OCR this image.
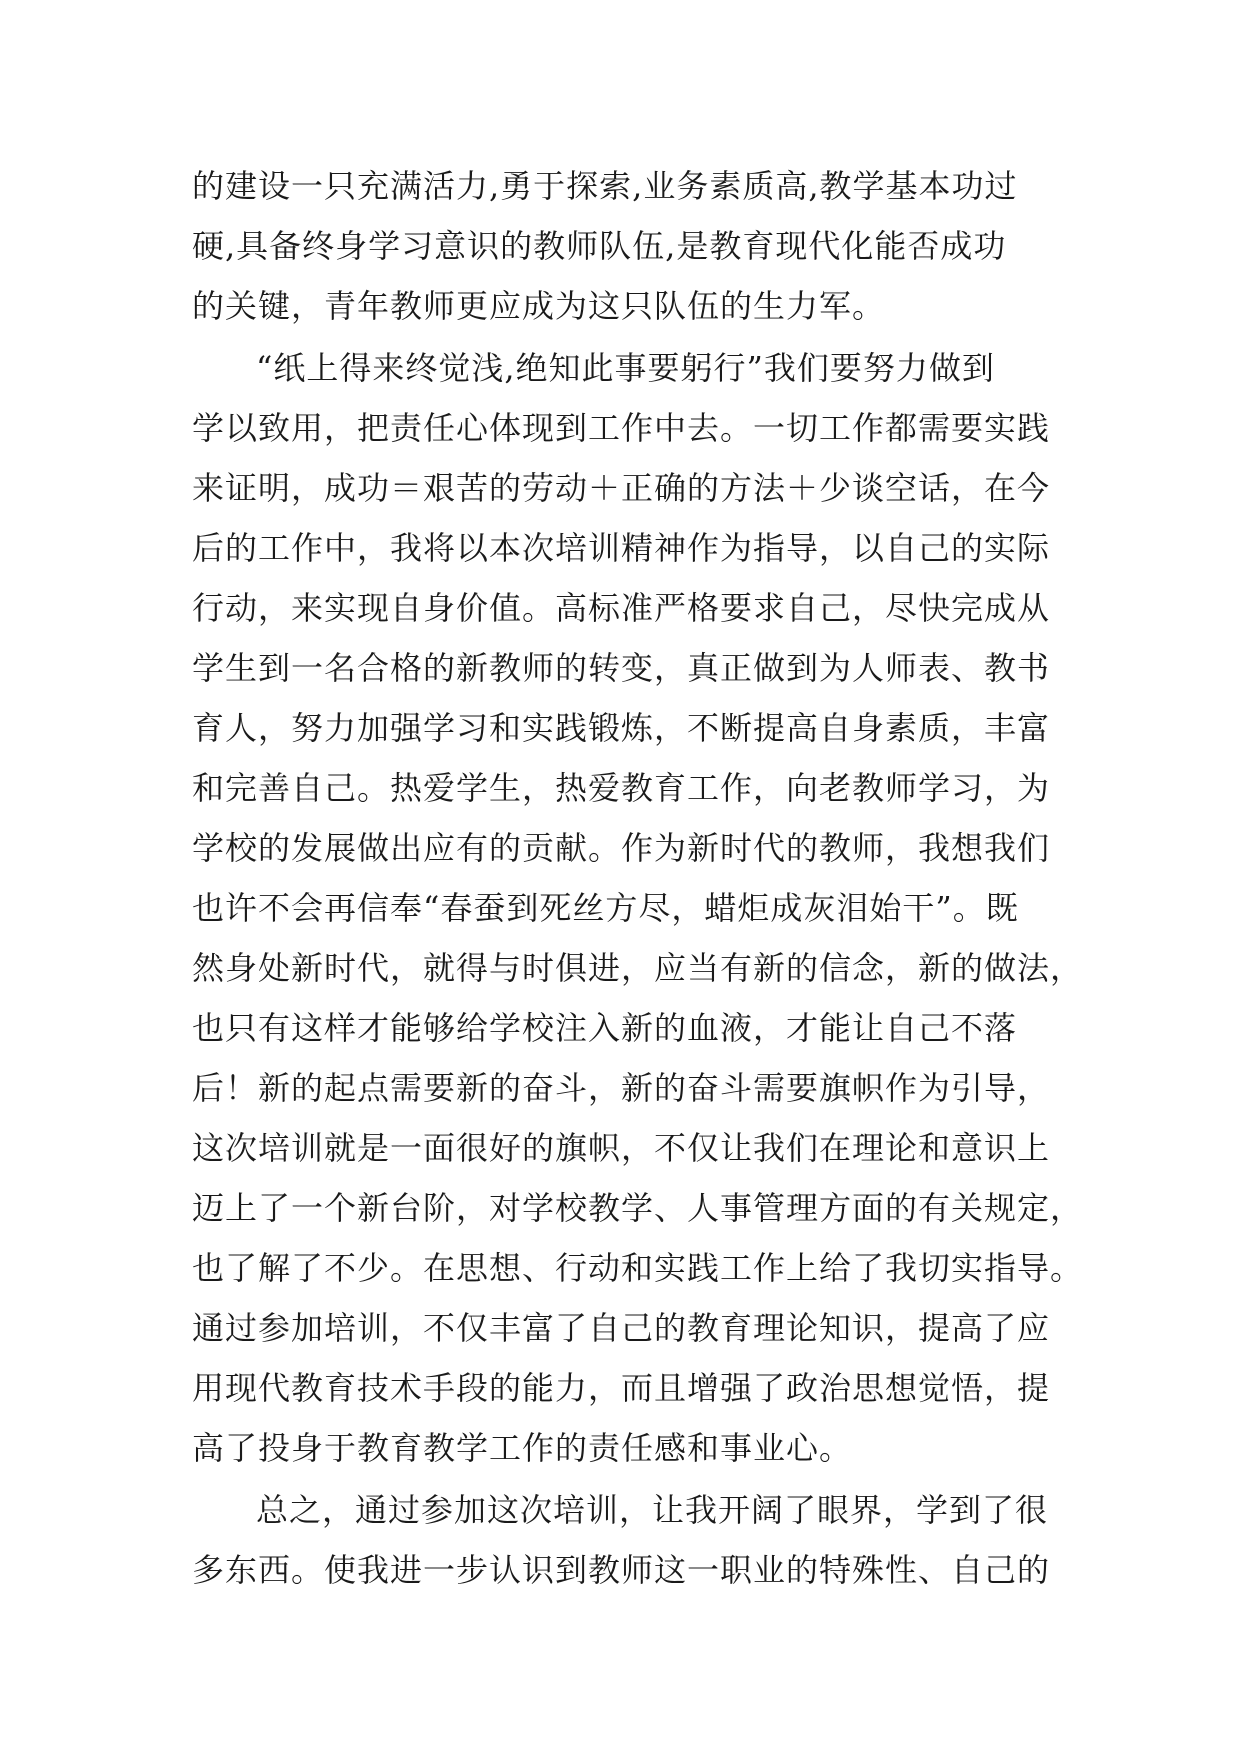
的建设一只充满活力,勇于探索,业务素质高,教学基本功过
硬,具备终身学习意识的教师队伍,是教育现代化能否成功
的关键，青年教师更应成为这只队伍的生力军。

“纸上得来终觉浅,绝知此事要躬行”我们要努力做到
学以致用，把责任心体现到工作中去。一切工作都需要实践
来证明，成功＝艰苦的劳动＋正确的方法＋少谈空话，在今
后的工作中，我将以本次培训精神作为指导，以自己的实际
行动，来实现自身价值。高标准严格要求自己，尽快完成从
学生到一名合格的新教师的转变，真正做到为人师表、教书
育人，努力加强学习和实践锻炼，不断提高自身素质，丰富
和完善自己。热爱学生，热爱教育工作，向老教师学习，为
学校的发展做出应有的贡献。作为新时代的教师，我想我们
也许不会再信奉“春蚕到死丝方尽，蜡炬成灰泪始干”。既
然身处新时代，就得与时俱进，应当有新的信念，新的做法，
也只有这样才能够给学校注入新的血液，才能让自己不落
后！新的起点需要新的奋斗，新的奋斗需要旗帜作为引导，
这次培训就是一面很好的旗帜，不仅让我们在理论和意识上
迈上了一个新台阶，对学校教学、人事管理方面的有关规定，
也了解了不少。在思想、行动和实践工作上给了我切实指导。
通过参加培训，不仅丰富了自己的教育理论知识，提高了应
用现代教育技术手段的能力，而且增强了政治思想觉悟，提
高了投身于教育教学工作的责任感和事业心。

总之，通过参加这次培训，让我开阔了眼界，学到了很
多东西。使我进一步认识到教师这一职业的特殊性、自己的
